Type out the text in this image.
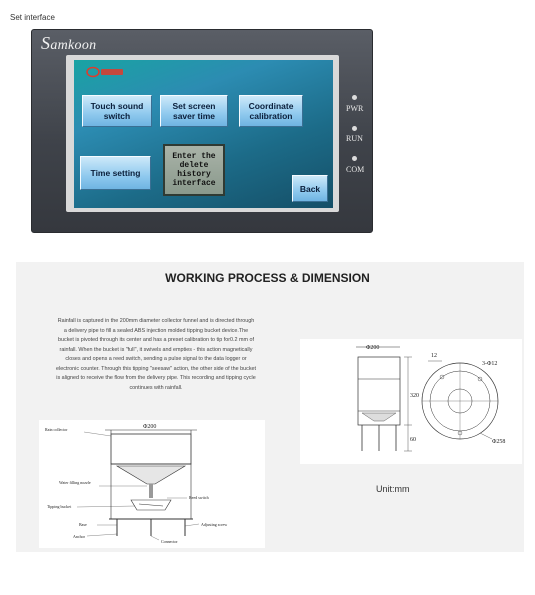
Set interface
Samkoon
Touch sound
switch
Set screen
saver time
Coordinate
calibration
Time setting
Enter the
delete
history
interface	Back
PWR
RUN
COM
WORKING PROCESS & DIMENSION

Rainfall is captured in the 200mm diameter collector funnel and is directed through a delivery pipe to fill a sealed ABS injection molded tipping bucket device.The bucket is pivoted through its center and has a preset calibration to tip for0.2 mm of rainfall. When the bucket is "full", it swivels and empties - this action magnetically closes and opens a reed switch, sending a pulse signal to the data logger or electronic counter. Through this tipping "seesaw" action, the other side of the bucket is aligned to receive the flow from the delivery pipe. This recording and tipping cycle continues with rainfall.

Rain collector	Φ200
Water filling nozzle
Reed switch
Tipping bucket
Base	Adjusting screw
Anchor
Connector
Φ200
320
60
12
3-Φ12
Φ258
Unit:mm
